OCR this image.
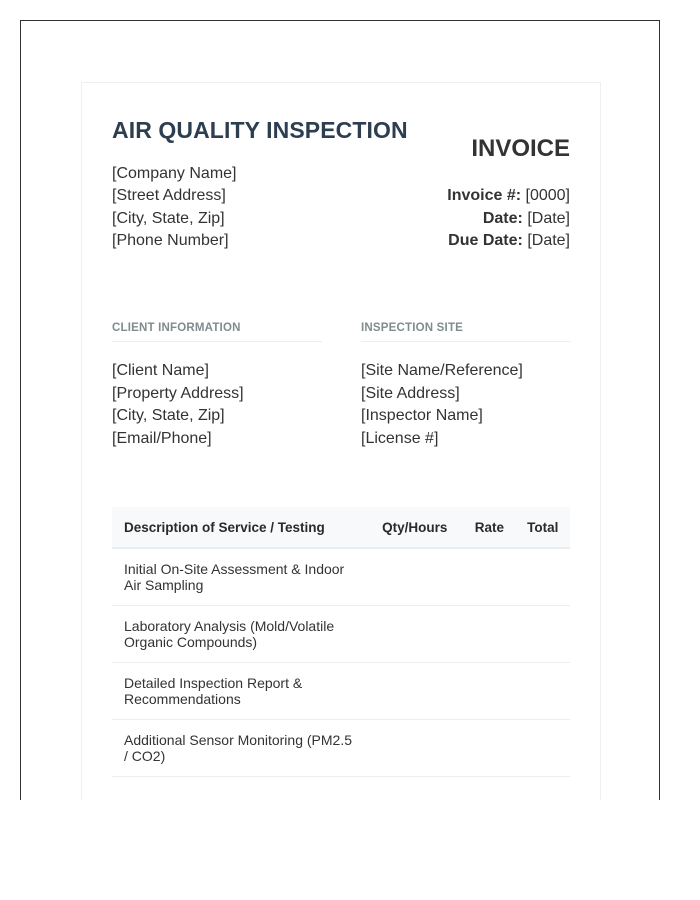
AIR QUALITY INSPECTION
[Company Name]
[Street Address]
[City, State, Zip]
[Phone Number]
INVOICE
Invoice #: [0000]
Date: [Date]
Due Date: [Date]
CLIENT INFORMATION
[Client Name]
[Property Address]
[City, State, Zip]
[Email/Phone]
INSPECTION SITE
[Site Name/Reference]
[Site Address]
[Inspector Name]
[License #]
Description of Service / Testing	Qty/Hours	Rate	Total
Initial On-Site Assessment & Indoor Air Sampling			
Laboratory Analysis (Mold/Volatile Organic Compounds)			
Detailed Inspection Report & Recommendations			
Additional Sensor Monitoring (PM2.5 / CO2)			
